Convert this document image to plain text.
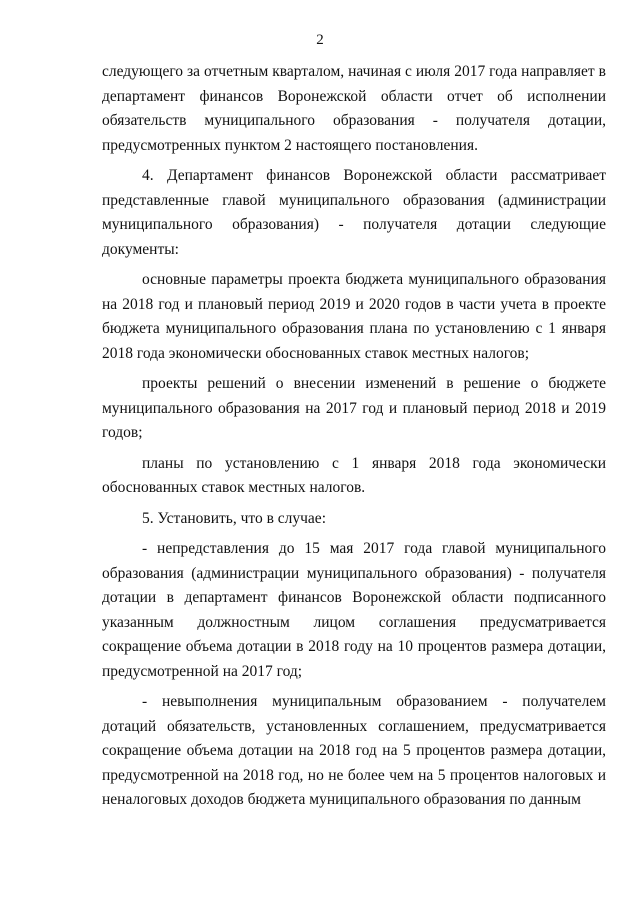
2

следующего за отчетным кварталом, начиная с июля 2017 года направляет в департамент финансов Воронежской области отчет об исполнении обязательств муниципального образования - получателя дотации, предусмотренных пунктом 2 настоящего постановления.

4. Департамент финансов Воронежской области рассматривает представленные главой муниципального образования (администрации муниципального образования) - получателя дотации следующие документы:

основные параметры проекта бюджета муниципального образования на 2018 год и плановый период 2019 и 2020 годов в части учета в проекте бюджета муниципального образования плана по установлению с 1 января 2018 года экономически обоснованных ставок местных налогов;

проекты решений о внесении изменений в решение о бюджете муниципального образования на 2017 год и плановый период 2018 и 2019 годов;

планы по установлению с 1 января 2018 года экономически обоснованных ставок местных налогов.

5. Установить, что в случае:

- непредставления до 15 мая 2017 года главой муниципального образования (администрации муниципального образования) - получателя дотации в департамент финансов Воронежской области подписанного указанным должностным лицом соглашения предусматривается сокращение объема дотации в 2018 году на 10 процентов размера дотации, предусмотренной на 2017 год;

- невыполнения муниципальным образованием - получателем дотаций обязательств, установленных соглашением, предусматривается сокращение объема дотации на 2018 год на 5 процентов размера дотации, предусмотренной на 2018 год, но не более чем на 5 процентов налоговых и неналоговых доходов бюджета муниципального образования по данным
